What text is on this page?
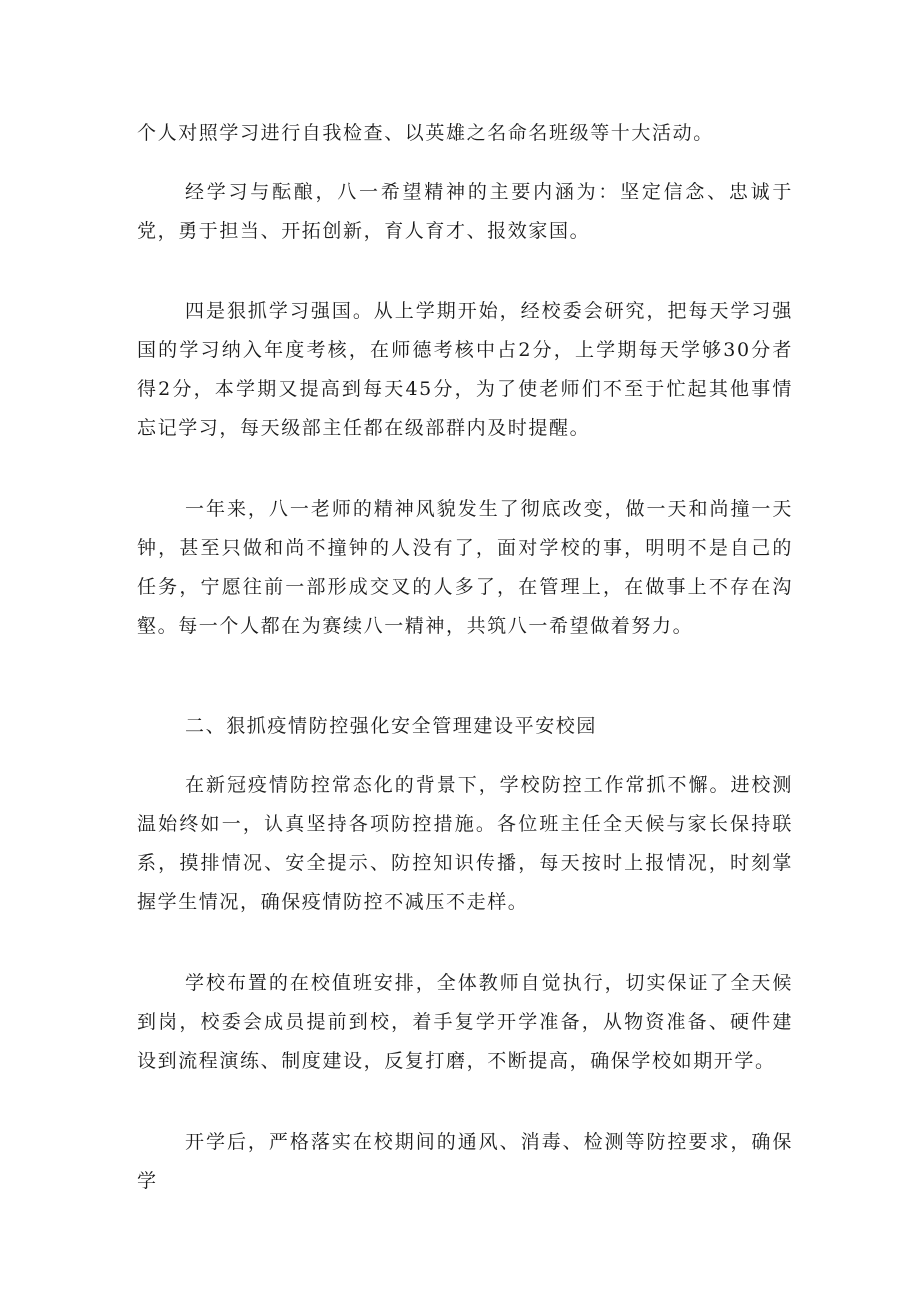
个人对照学习进行自我检查、以英雄之名命名班级等十大活动。

经学习与酝酿，八一希望精神的主要内涵为：坚定信念、忠诚于党，勇于担当、开拓创新，育人育才、报效家国。

四是狠抓学习强国。从上学期开始，经校委会研究，把每天学习强国的学习纳入年度考核，在师德考核中占2分，上学期每天学够30分者得2分，本学期又提高到每天45分，为了使老师们不至于忙起其他事情忘记学习，每天级部主任都在级部群内及时提醒。

一年来，八一老师的精神风貌发生了彻底改变，做一天和尚撞一天钟，甚至只做和尚不撞钟的人没有了，面对学校的事，明明不是自己的任务，宁愿往前一部形成交叉的人多了，在管理上，在做事上不存在沟壑。每一个人都在为赛续八一精神，共筑八一希望做着努力。

二、狠抓疫情防控强化安全管理建设平安校园

在新冠疫情防控常态化的背景下，学校防控工作常抓不懈。进校测温始终如一，认真坚持各项防控措施。各位班主任全天候与家长保持联系，摸排情况、安全提示、防控知识传播，每天按时上报情况，时刻掌握学生情况，确保疫情防控不减压不走样。

学校布置的在校值班安排，全体教师自觉执行，切实保证了全天候到岗，校委会成员提前到校，着手复学开学准备，从物资准备、硬件建设到流程演练、制度建设，反复打磨，不断提高，确保学校如期开学。

开学后，严格落实在校期间的通风、消毒、检测等防控要求，确保学
